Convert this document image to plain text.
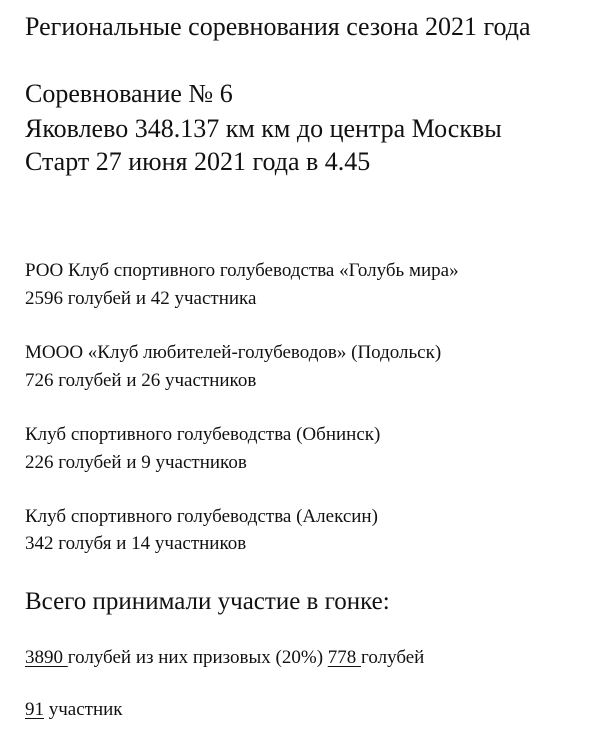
Региональные соревнования сезона 2021 года
Соревнование № 6
Яковлево 348.137 км км до центра Москвы
Старт 27 июня 2021 года в 4.45
РОО Клуб спортивного голубеводства «Голубь мира»
2596 голубей и 42 участника
МООО «Клуб любителей-голубеводов» (Подольск)
726 голубей и 26 участников
Клуб спортивного голубеводства (Обнинск)
226 голубей и 9 участников
Клуб спортивного голубеводства (Алексин)
342 голубя и 14 участников
Всего принимали участие в гонке:
3890 голубей из них призовых (20%) 778 голубей
91 участник
